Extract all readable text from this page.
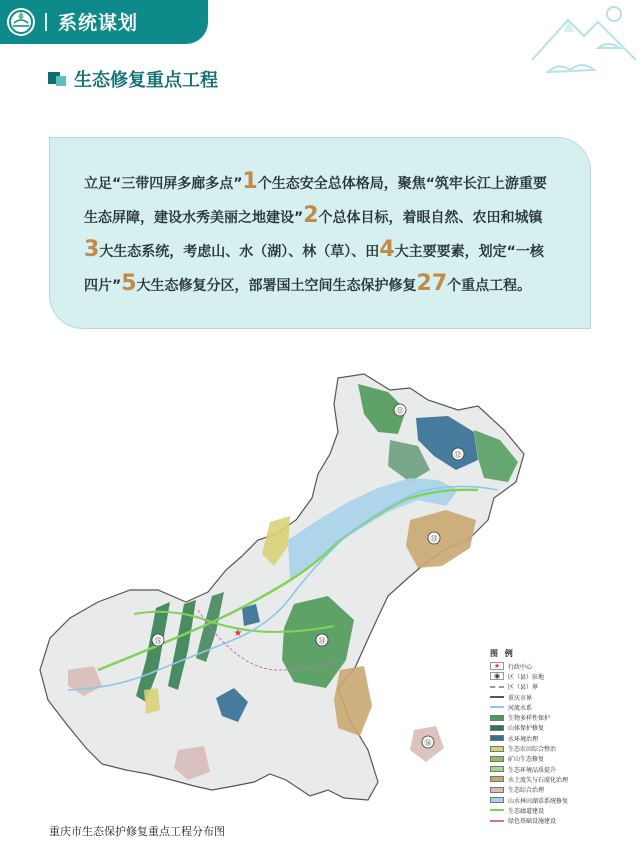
系统谋划
生态修复重点工程
立足“三带四屏多廊多点”1个生态安全总体格局，聚焦“筑牢长江上游重要生态屏障，建设水秀美丽之地建设”2个总体目标，着眼自然、农田和城镇3大生态系统，考虑山、水（湖）、林（草）、田4大主要要素，划定“一核四片”5大生态修复分区，部署国土空间生态保护修复27个重点工程。
★
⑪
⑫
⑬
⑭
⑮
⑯
图 例
★	行政中心
◉	区（县）驻地
区（县）界
重庆市界
河流水系
生物多样性保护
山体保护修复
水环境治理
生态农田综合整治
矿山生态修复
生态环境品质提升
水土流失与石漠化治理
生态综合治理
山水林田湖草系统修复
生态廊道建设
绿色基础设施建设
重庆市生态保护修复重点工程分布图
